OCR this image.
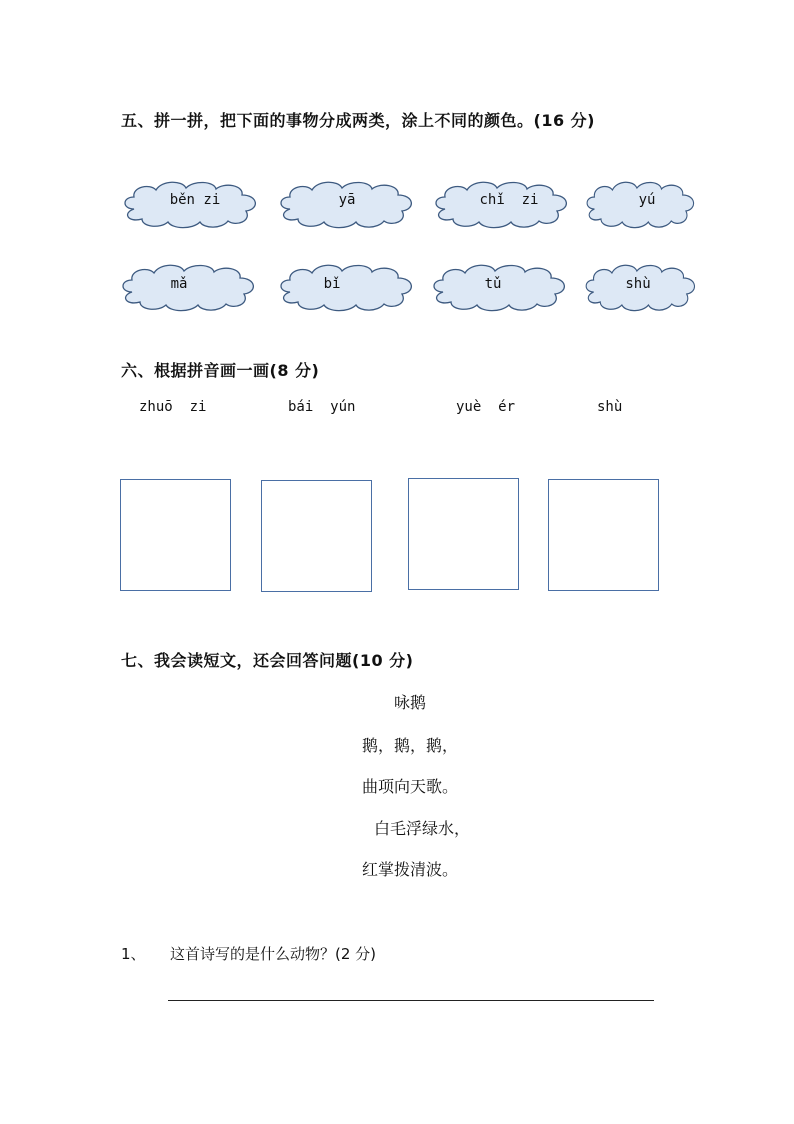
五、拼一拼，把下面的事物分成两类，涂上不同的颜色。(16 分)
běn zi	yā	chǐ  zi	yú
mǎ	bǐ	tǔ	shù
六、根据拼音画一画(8 分)
zhuō  zi	bái  yún	yuè  ér	shù
七、我会读短文，还会回答问题(10 分)
咏鹅
鹅，鹅，鹅，
曲项向天歌。
白毛浮绿水，
红掌拨清波。
1、 这首诗写的是什么动物？(2 分)
